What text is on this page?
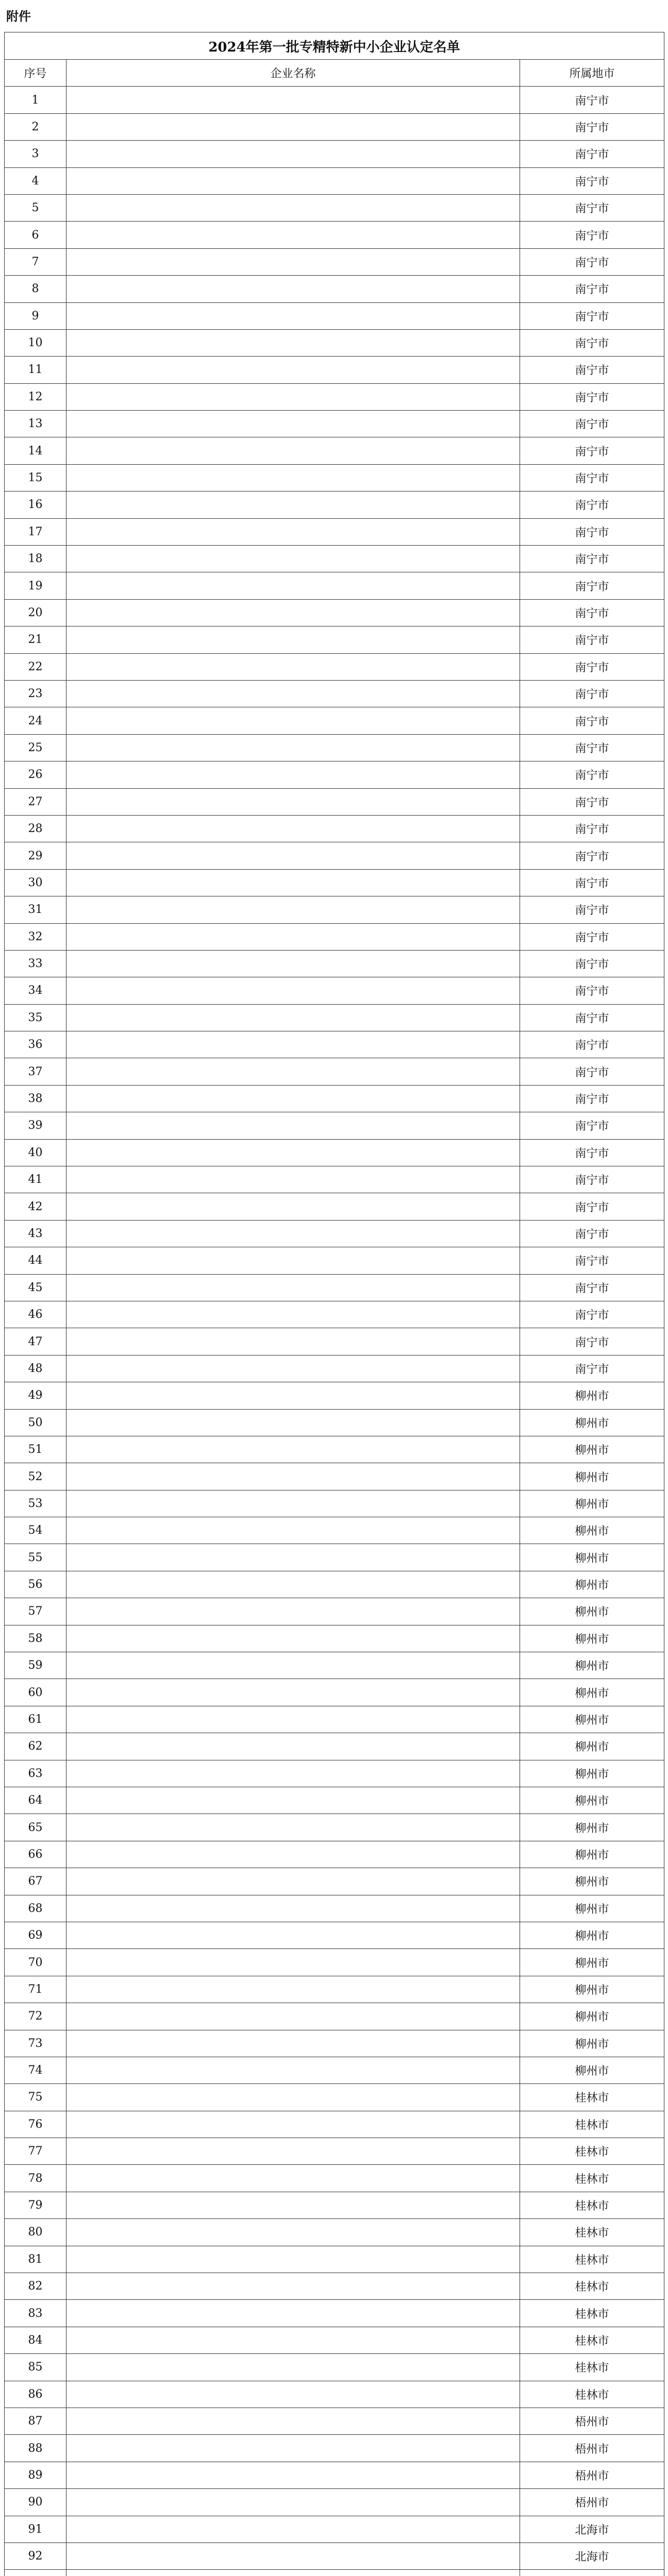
附件
2024年第一批专精特新中小企业认定名单		
序号	企业名称	所属地市
1		南宁市
2		南宁市
3		南宁市
4		南宁市
5		南宁市
6		南宁市
7		南宁市
8		南宁市
9		南宁市
10		南宁市
11		南宁市
12		南宁市
13		南宁市
14		南宁市
15		南宁市
16		南宁市
17		南宁市
18		南宁市
19		南宁市
20		南宁市
21		南宁市
22		南宁市
23		南宁市
24		南宁市
25		南宁市
26		南宁市
27		南宁市
28		南宁市
29		南宁市
30		南宁市
31		南宁市
32		南宁市
33		南宁市
34		南宁市
35		南宁市
36		南宁市
37		南宁市
38		南宁市
39		南宁市
40		南宁市
41		南宁市
42		南宁市
43		南宁市
44		南宁市
45		南宁市
46		南宁市
47		南宁市
48		南宁市
49		柳州市
50		柳州市
51		柳州市
52		柳州市
53		柳州市
54		柳州市
55		柳州市
56		柳州市
57		柳州市
58		柳州市
59		柳州市
60		柳州市
61		柳州市
62		柳州市
63		柳州市
64		柳州市
65		柳州市
66		柳州市
67		柳州市
68		柳州市
69		柳州市
70		柳州市
71		柳州市
72		柳州市
73		柳州市
74		柳州市
75		桂林市
76		桂林市
77		桂林市
78		桂林市
79		桂林市
80		桂林市
81		桂林市
82		桂林市
83		桂林市
84		桂林市
85		桂林市
86		桂林市
87		梧州市
88		梧州市
89		梧州市
90		梧州市
91		北海市
92		北海市
